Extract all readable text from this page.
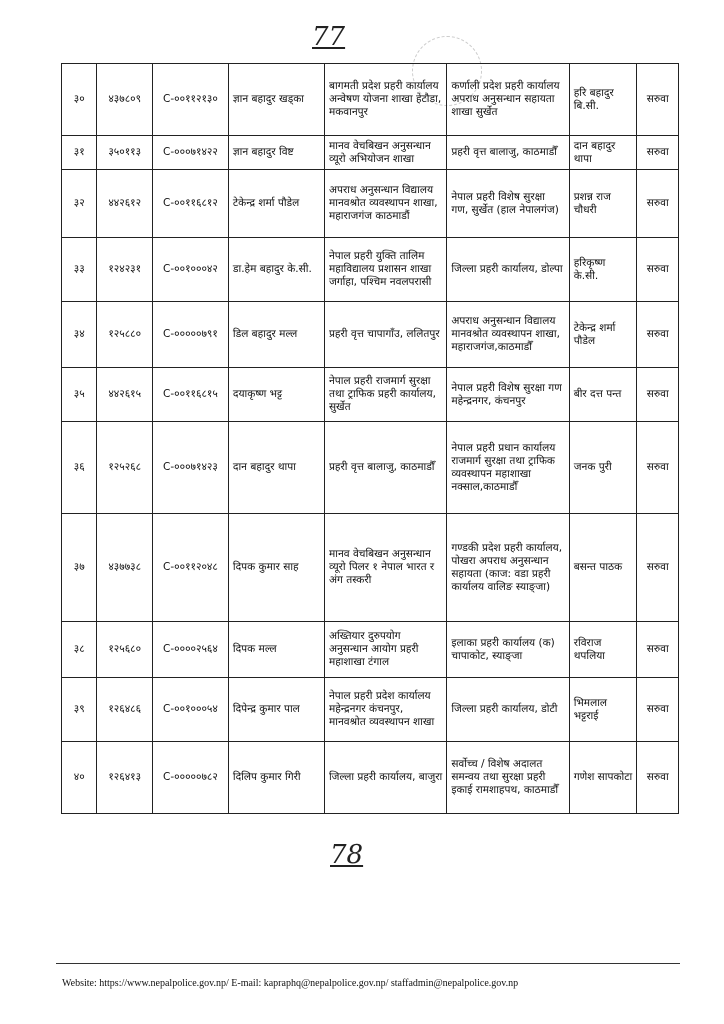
77
३०	४३७८०९	C-००११२१३०	ज्ञान बहादुर खड्का	बागमती प्रदेश प्रहरी कार्यालय अन्वेषण योजना शाखा हेटौडा, मकवानपुर	कर्णाली प्रदेश प्रहरी कार्यालय अपराध अनुसन्धान सहायता शाखा सुर्खेत	हरि बहादुर बि.सी.	सरुवा
३१	३५०११३	C-०००७१४२२	ज्ञान बहादुर विष्ट	मानव वेचबिखन अनुसन्धान व्यूरो अभियोजन शाखा	प्रहरी वृत्त बालाजु, काठमाडौँ	दान बहादुर थापा	सरुवा
३२	४४२६१२	C-००११६८१२	टेकेन्द्र शर्मा पौडेल	अपराध अनुसन्धान विद्यालय मानवश्रोत व्यवस्थापन शाखा, महाराजगंज काठमाडौं	नेपाल प्रहरी विशेष सुरक्षा गण, सुर्खेत (हाल नेपालगंज)	प्रशन्न राज चौधरी	सरुवा
३३	१२४२३१	C-००१०००४२	डा.हेम बहादुर के.सी.	नेपाल प्रहरी युक्ति तालिम महाविद्यालय प्रशासन शाखा जर्गाहा, पश्चिम नवलपरासी	जिल्ला प्रहरी कार्यालय, डोल्पा	हरिकृष्ण के.सी.	सरुवा
३४	१२५८८०	C-०००००७९१	डिल बहादुर मल्ल	प्रहरी वृत्त चापागाँउ, ललितपुर	अपराध अनुसन्धान विद्यालय मानवश्रोत व्यवस्थापन शाखा, महाराजगंज,काठमाडौँ	टेकेन्द्र शर्मा पौडेल	सरुवा
३५	४४२६१५	C-००११६८१५	दयाकृष्ण भट्ट	नेपाल प्रहरी राजमार्ग सुरक्षा तथा ट्राफिक प्रहरी कार्यालय, सुर्खेत	नेपाल प्रहरी विशेष सुरक्षा गण महेन्द्रनगर, कंचनपुर	बीर दत्त पन्त	सरुवा
३६	१२५२६८	C-०००७१४२३	दान बहादुर थापा	प्रहरी वृत्त बालाजु, काठमाडौँ	नेपाल प्रहरी प्रधान कार्यालय राजमार्ग सुरक्षा तथा ट्राफिक व्यवस्थापन महाशाखा नक्साल,काठमाडौँ	जनक पुरी	सरुवा
३७	४३७७३८	C-००११२०४८	दिपक कुमार साह	मानव वेचबिखन अनुसन्धान व्यूरो पिलर १ नेपाल भारत र अंग तस्करी	गण्डकी प्रदेश प्रहरी कार्यालय, पोखरा अपराध अनुसन्धान सहायता (काज: वडा प्रहरी कार्यालय वालिङ स्याङ्जा)	बसन्त पाठक	सरुवा
३८	१२५६८०	C-००००२५६४	दिपक मल्ल	अख्तियार दुरुपयोग अनुसन्धान आयोग प्रहरी महाशाखा टंगाल	इलाका प्रहरी कार्यालय (क) चापाकोट, स्याङ्जा	रविराज थपलिया	सरुवा
३९	१२६४८६	C-००१०००५४	दिपेन्द्र कुमार पाल	नेपाल प्रहरी प्रदेश कार्यालय महेन्द्रनगर कंचनपुर, मानवश्रोत व्यवस्थापन शाखा	जिल्ला प्रहरी कार्यालय, डोटी	भिमलाल भट्टराई	सरुवा
४०	१२६४१३	C-०००००७८२	दिलिप कुमार गिरी	जिल्ला प्रहरी कार्यालय, बाजुरा	सर्वोच्च / विशेष अदालत समन्वय तथा सुरक्षा प्रहरी इकाई रामशाहपथ, काठमाडौँ	गणेश सापकोटा	सरुवा
78
Website: https://www.nepalpolice.gov.np/ E-mail: kapraphq@nepalpolice.gov.np/ staffadmin@nepalpolice.gov.np
